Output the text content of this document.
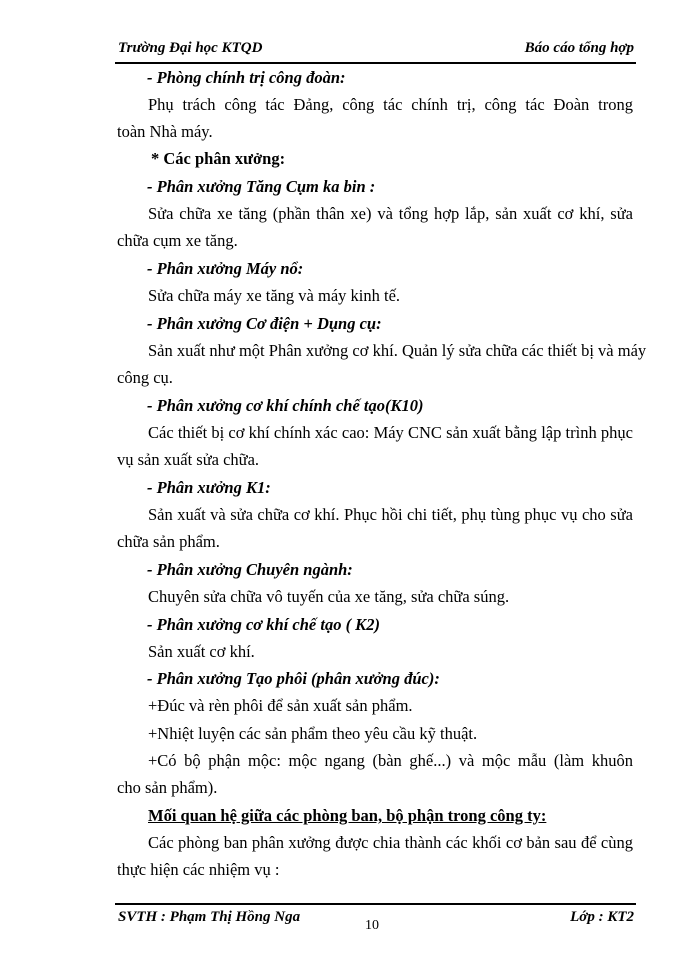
Trường Đại học KTQD	Báo cáo tổng hợp
- Phòng chính trị công đoàn:
Phụ trách công tác Đảng, công tác chính trị, công tác Đoàn trong
toàn Nhà máy.
* Các phân xưởng:
- Phân xưởng Tăng Cụm ka bin :
Sửa chữa xe tăng (phần thân xe) và tổng hợp lắp, sản xuất cơ khí, sửa
chữa cụm xe tăng.
- Phân xưởng Máy nổ:
Sửa chữa máy xe tăng và máy kinh tế.
- Phân xưởng Cơ điện + Dụng cụ:
Sản xuất như một Phân xưởng cơ khí. Quản lý sửa chữa các thiết bị và máy
công cụ.
- Phân xưởng cơ khí chính chế tạo(K10)
Các thiết bị cơ khí chính xác cao: Máy CNC sản xuất bằng lập trình phục
vụ sản xuất sửa chữa.
- Phân xưởng K1:
Sản xuất và sửa chữa cơ khí. Phục hồi chi tiết, phụ tùng phục vụ cho sửa
chữa sản phẩm.
- Phân xưởng Chuyên ngành:
Chuyên sửa chữa vô tuyến của xe tăng, sửa chữa súng.
- Phân xưởng cơ khí chế tạo ( K2)
Sản xuất cơ khí.
- Phân xưởng Tạo phôi (phân xưởng đúc):
+Đúc và rèn phôi để sản xuất sản phẩm.
+Nhiệt luyện các sản phẩm theo yêu cầu kỹ thuật.
+Có bộ phận mộc: mộc ngang (bàn ghế...) và mộc mẫu (làm khuôn
cho sản phẩm).
Mối quan hệ giữa các phòng ban, bộ phận trong công ty:
Các phòng ban phân xưởng được chia thành các khối cơ bản sau để cùng
thực hiện các nhiệm vụ :
SVTH : Phạm Thị Hồng Nga
10
Lớp : KT2
